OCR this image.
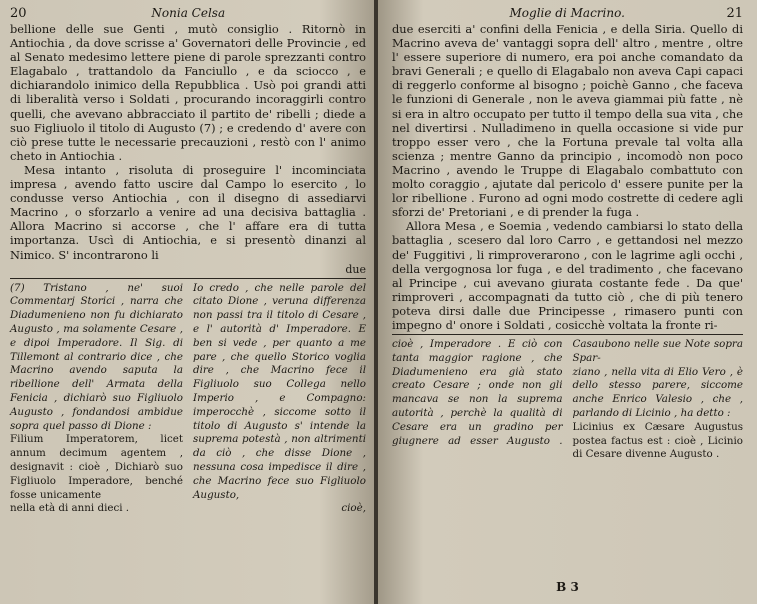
20	Nonia Celsa

bellione delle sue Genti , mutò consiglio . Ritornò in Antiochia , da dove scrisse a' Governatori delle Provincie , ed al Senato medesimo lettere piene di parole sprezzanti contro Elagabalo , trattandolo da Fanciullo , e da sciocco , e dichiarandolo inimico della Repubblica . Usò poi grandi atti di liberalità verso i Soldati , procurando incoraggirli contro quelli, che avevano abbracciato il partito de' ribelli ; diede a suo Figliuolo il titolo di Augusto (7) ; e credendo d' avere con ciò prese tutte le necessarie precauzioni , restò con l' animo cheto in Antiochia .

Mesa intanto , risoluta di proseguire l' incominciata impresa , avendo fatto uscire dal Campo lo esercito , lo condusse verso Antiochia , con il disegno di assediarvi Macrino , o sforzarlo a venire ad una decisiva battaglia . Allora Macrino si accorse , che l' affare era di tutta importanza. Uscì di Antiochia, e si presentò dinanzi al Nimico. S' incontrarono li

due

(7) Tristano , ne' suoi Commentarj Storici , narra che Diadumenieno non fu dichiarato Augusto , ma solamente Cesare , e dipoi Imperadore. Il Sig. di Tillemont al contrario dice , che Macrino avendo saputa la ribellione dell' Armata della Fenicia , dichiarò suo Figliuolo Augusto , fondandosi ambidue sopra quel passo di Dione :

Filium Imperatorem, licet annum decimum agentem , designavit : cioè , Dichiarò suo Figliuolo Imperadore, benché fosse unicamente

nella età di anni dieci .

Io credo , che nelle parole del citato Dione , veruna differenza non passi tra il titolo di Cesare , e l' autorità d' Imperadore. E ben si vede , per quanto a me pare , che quello Storico voglia dire , che Macrino fece il Figliuolo suo Collega nello Imperio , e Compagno: imperocchè , siccome sotto il titolo di Augusto s' intende la suprema potestà , non altrimenti da ciò , che disse Dione , nessuna cosa impedisce il dire , che Macrino fece suo Figliuolo Augusto,

cioè,

Moglie di Macrino.	21

due eserciti a' confini della Fenicia , e della Siria. Quello di Macrino aveva de' vantaggi sopra dell' altro , mentre , oltre l' essere superiore di numero, era poi anche comandato da bravi Generali ; e quello di Elagabalo non aveva Capi capaci di reggerlo conforme al bisogno ; poichè Ganno , che faceva le funzioni di Generale , non le aveva giammai più fatte , nè si era in altro occupato per tutto il tempo della sua vita , che nel divertirsi . Nulladimeno in quella occasione si vide pur troppo esser vero , che la Fortuna prevale tal volta alla scienza ; mentre Ganno da principio , incomodò non poco Macrino , avendo le Truppe di Elagabalo combattuto con molto coraggio , ajutate dal pericolo d' essere punite per la lor ribellione . Furono ad ogni modo costrette di cedere agli sforzi de' Pretoriani , e di prender la fuga .

Allora Mesa , e Soemia , vedendo cambiarsi lo stato della battaglia , scesero dal loro Carro , e gettandosi nel mezzo de' Fuggitivi , li rimproverarono , con le lagrime agli occhi , della vergognosa lor fuga , e del tradimento , che facevano al Principe , cui avevano giurata costante fede . Da que' rimproveri , accompagnati da tutto ciò , che di più tenero poteva dirsi dalle due Principesse , rimasero punti con impegno d' onore i Soldati , cosicchè voltata la fronte ri-

cioè , Imperadore . E ciò con tanta maggior ragione , che Diadumenieno era già stato creato Cesare ; onde non gli mancava se non la suprema autorità , perchè la qualità di Cesare era un gradino per giugnere ad esser Augusto . Casaubono nelle sue Note sopra Spar-

ziano , nella vita di Elio Vero , è dello stesso parere, siccome anche Enrico Valesio , che , parlando di Licinio , ha detto :

Licinius ex Cæsare Augustus postea factus est : cioè , Licinio di Cesare divenne Augusto .

B 3
